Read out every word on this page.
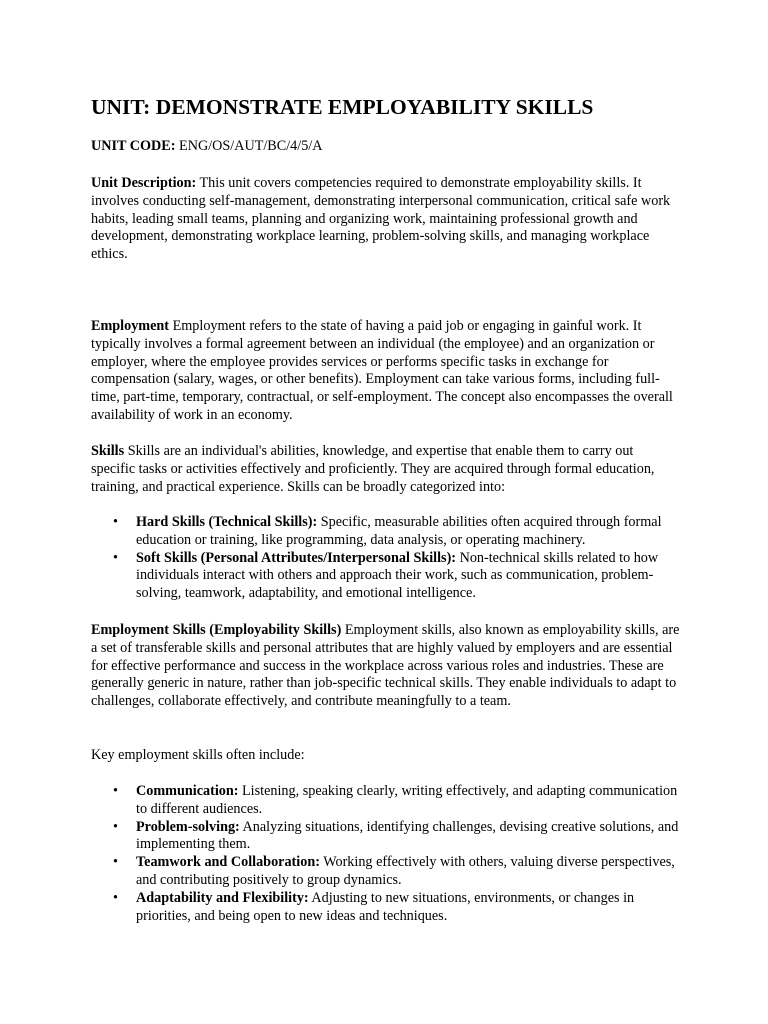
UNIT: DEMONSTRATE EMPLOYABILITY SKILLS

UNIT CODE: ENG/OS/AUT/BC/4/5/A

Unit Description: This unit covers competencies required to demonstrate employability skills. It involves conducting self-management, demonstrating interpersonal communication, critical safe work habits, leading small teams, planning and organizing work, maintaining professional growth and development, demonstrating workplace learning, problem-solving skills, and managing workplace ethics.

Employment Employment refers to the state of having a paid job or engaging in gainful work. It typically involves a formal agreement between an individual (the employee) and an organization or employer, where the employee provides services or performs specific tasks in exchange for compensation (salary, wages, or other benefits). Employment can take various forms, including full-time, part-time, temporary, contractual, or self-employment. The concept also encompasses the overall availability of work in an economy.

Skills Skills are an individual's abilities, knowledge, and expertise that enable them to carry out specific tasks or activities effectively and proficiently. They are acquired through formal education, training, and practical experience. Skills can be broadly categorized into:

• Hard Skills (Technical Skills): Specific, measurable abilities often acquired through formal education or training, like programming, data analysis, or operating machinery.
• Soft Skills (Personal Attributes/Interpersonal Skills): Non-technical skills related to how individuals interact with others and approach their work, such as communication, problem-solving, teamwork, adaptability, and emotional intelligence.

Employment Skills (Employability Skills) Employment skills, also known as employability skills, are a set of transferable skills and personal attributes that are highly valued by employers and are essential for effective performance and success in the workplace across various roles and industries. These are generally generic in nature, rather than job-specific technical skills. They enable individuals to adapt to challenges, collaborate effectively, and contribute meaningfully to a team.

Key employment skills often include:

• Communication: Listening, speaking clearly, writing effectively, and adapting communication to different audiences.
• Problem-solving: Analyzing situations, identifying challenges, devising creative solutions, and implementing them.
• Teamwork and Collaboration: Working effectively with others, valuing diverse perspectives, and contributing positively to group dynamics.
• Adaptability and Flexibility: Adjusting to new situations, environments, or changes in priorities, and being open to new ideas and techniques.
